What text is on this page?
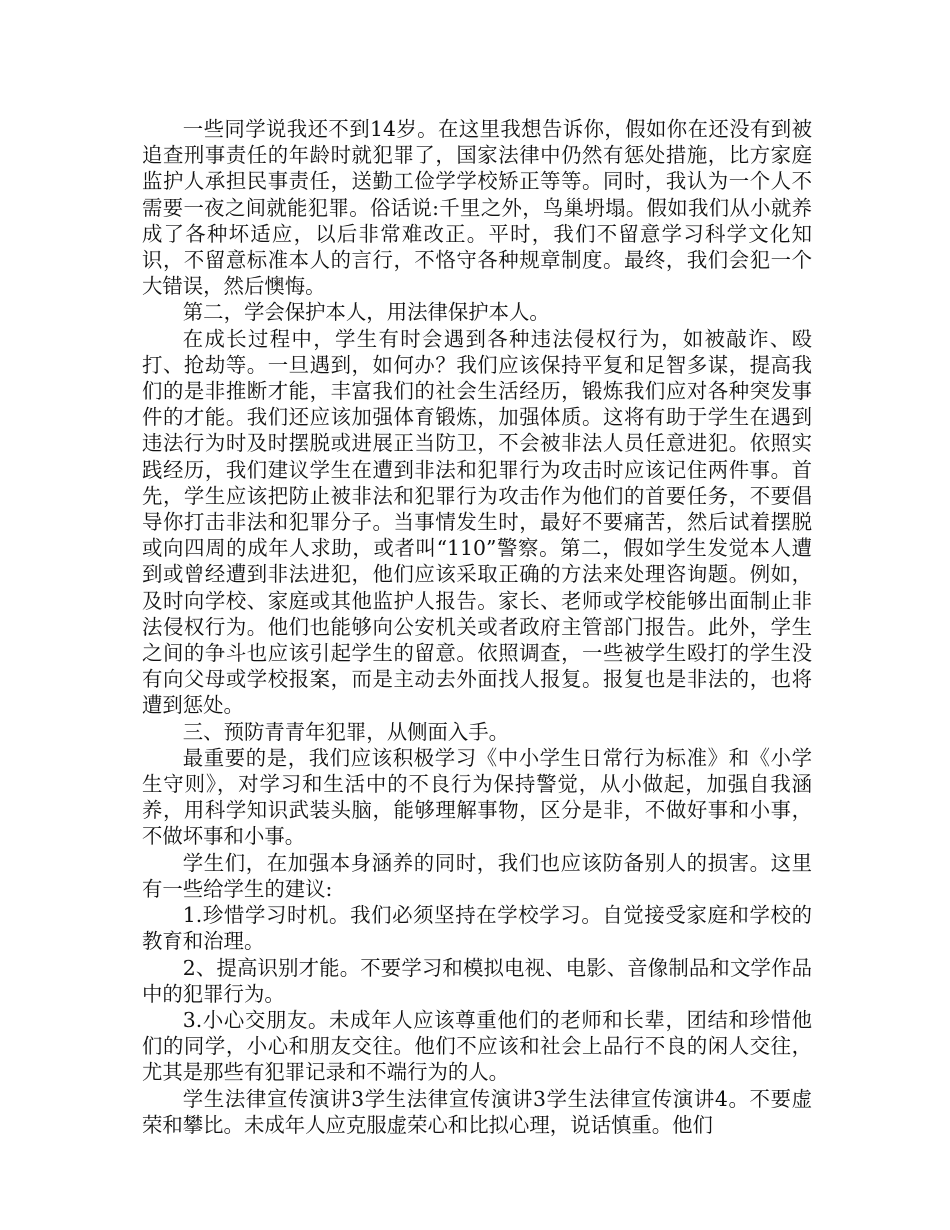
一些同学说我还不到14岁。在这里我想告诉你，假如你在还没有到被追查刑事责任的年龄时就犯罪了，国家法律中仍然有惩处措施，比方家庭监护人承担民事责任，送勤工俭学学校矫正等等。同时，我认为一个人不需要一夜之间就能犯罪。俗话说:千里之外，鸟巢坍塌。假如我们从小就养成了各种坏适应，以后非常难改正。平时，我们不留意学习科学文化知识，不留意标准本人的言行，不恪守各种规章制度。最终，我们会犯一个大错误，然后懊悔。

第二，学会保护本人，用法律保护本人。

在成长过程中，学生有时会遇到各种违法侵权行为，如被敲诈、殴打、抢劫等。一旦遇到，如何办？我们应该保持平复和足智多谋，提高我们的是非推断才能，丰富我们的社会生活经历，锻炼我们应对各种突发事件的才能。我们还应该加强体育锻炼，加强体质。这将有助于学生在遇到违法行为时及时摆脱或进展正当防卫，不会被非法人员任意进犯。依照实践经历，我们建议学生在遭到非法和犯罪行为攻击时应该记住两件事。首先，学生应该把防止被非法和犯罪行为攻击作为他们的首要任务，不要倡导你打击非法和犯罪分子。当事情发生时，最好不要痛苦，然后试着摆脱或向四周的成年人求助，或者叫“110”警察。第二，假如学生发觉本人遭到或曾经遭到非法进犯，他们应该采取正确的方法来处理咨询题。例如，及时向学校、家庭或其他监护人报告。家长、老师或学校能够出面制止非法侵权行为。他们也能够向公安机关或者政府主管部门报告。此外，学生之间的争斗也应该引起学生的留意。依照调查，一些被学生殴打的学生没有向父母或学校报案，而是主动去外面找人报复。报复也是非法的，也将遭到惩处。

三、预防青青年犯罪，从侧面入手。

最重要的是，我们应该积极学习《中小学生日常行为标准》和《小学生守则》，对学习和生活中的不良行为保持警觉，从小做起，加强自我涵养，用科学知识武装头脑，能够理解事物，区分是非，不做好事和小事，不做坏事和小事。

学生们，在加强本身涵养的同时，我们也应该防备别人的损害。这里有一些给学生的建议:

1.珍惜学习时机。我们必须坚持在学校学习。自觉接受家庭和学校的教育和治理。

2、提高识别才能。不要学习和模拟电视、电影、音像制品和文学作品中的犯罪行为。

3.小心交朋友。未成年人应该尊重他们的老师和长辈，团结和珍惜他们的同学，小心和朋友交往。他们不应该和社会上品行不良的闲人交往，尤其是那些有犯罪记录和不端行为的人。

学生法律宣传演讲3学生法律宣传演讲3学生法律宣传演讲4。不要虚荣和攀比。未成年人应克服虚荣心和比拟心理，说话慎重。他们
